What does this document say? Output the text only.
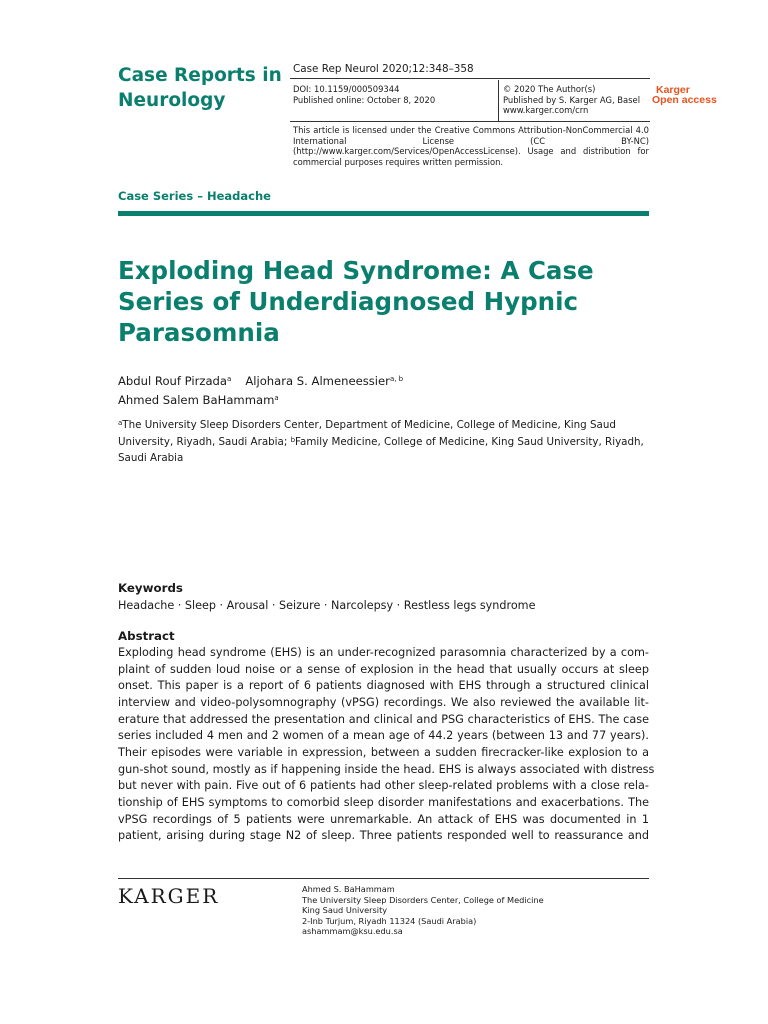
Case Reports in Neurology
Case Rep Neurol 2020;12:348–358
DOI: 10.1159/000509344
Published online: October 8, 2020
© 2020 The Author(s)
Published by S. Karger AG, Basel
www.karger.com/crn
Karger
Open access
This article is licensed under the Creative Commons Attribution-NonCommercial 4.0 International License (CC BY-NC) (http://www.karger.com/Services/OpenAccessLicense). Usage and distribution for commercial purposes requires written permission.
Case Series – Headache
Exploding Head Syndrome: A Case Series of Underdiagnosed Hypnic Parasomnia
Abdul Rouf Pirzada$^a$ Aljohara S. Almeneessier$^{a, b}$
Ahmed Salem BaHammam$^a$
$^a$The University Sleep Disorders Center, Department of Medicine, College of Medicine, King Saud University, Riyadh, Saudi Arabia; $^b$Family Medicine, College of Medicine, King Saud University, Riyadh, Saudi Arabia
Keywords
Headache · Sleep · Arousal · Seizure · Narcolepsy · Restless legs syndrome
Abstract
Exploding head syndrome (EHS) is an under-recognized parasomnia characterized by a com-
plaint of sudden loud noise or a sense of explosion in the head that usually occurs at sleep
onset. This paper is a report of 6 patients diagnosed with EHS through a structured clinical
interview and video-polysomnography (vPSG) recordings. We also reviewed the available lit-
erature that addressed the presentation and clinical and PSG characteristics of EHS. The case
series included 4 men and 2 women of a mean age of 44.2 years (between 13 and 77 years).
Their episodes were variable in expression, between a sudden firecracker-like explosion to a
gun-shot sound, mostly as if happening inside the head. EHS is always associated with distress
but never with pain. Five out of 6 patients had other sleep-related problems with a close rela-
tionship of EHS symptoms to comorbid sleep disorder manifestations and exacerbations. The
vPSG recordings of 5 patients were unremarkable. An attack of EHS was documented in 1
patient, arising during stage N2 of sleep. Three patients responded well to reassurance and
KARGER	Ahmed S. BaHammam
The University Sleep Disorders Center, College of Medicine
King Saud University
2-Inb Turjum, Riyadh 11324 (Saudi Arabia)
ashammam@ksu.edu.sa
